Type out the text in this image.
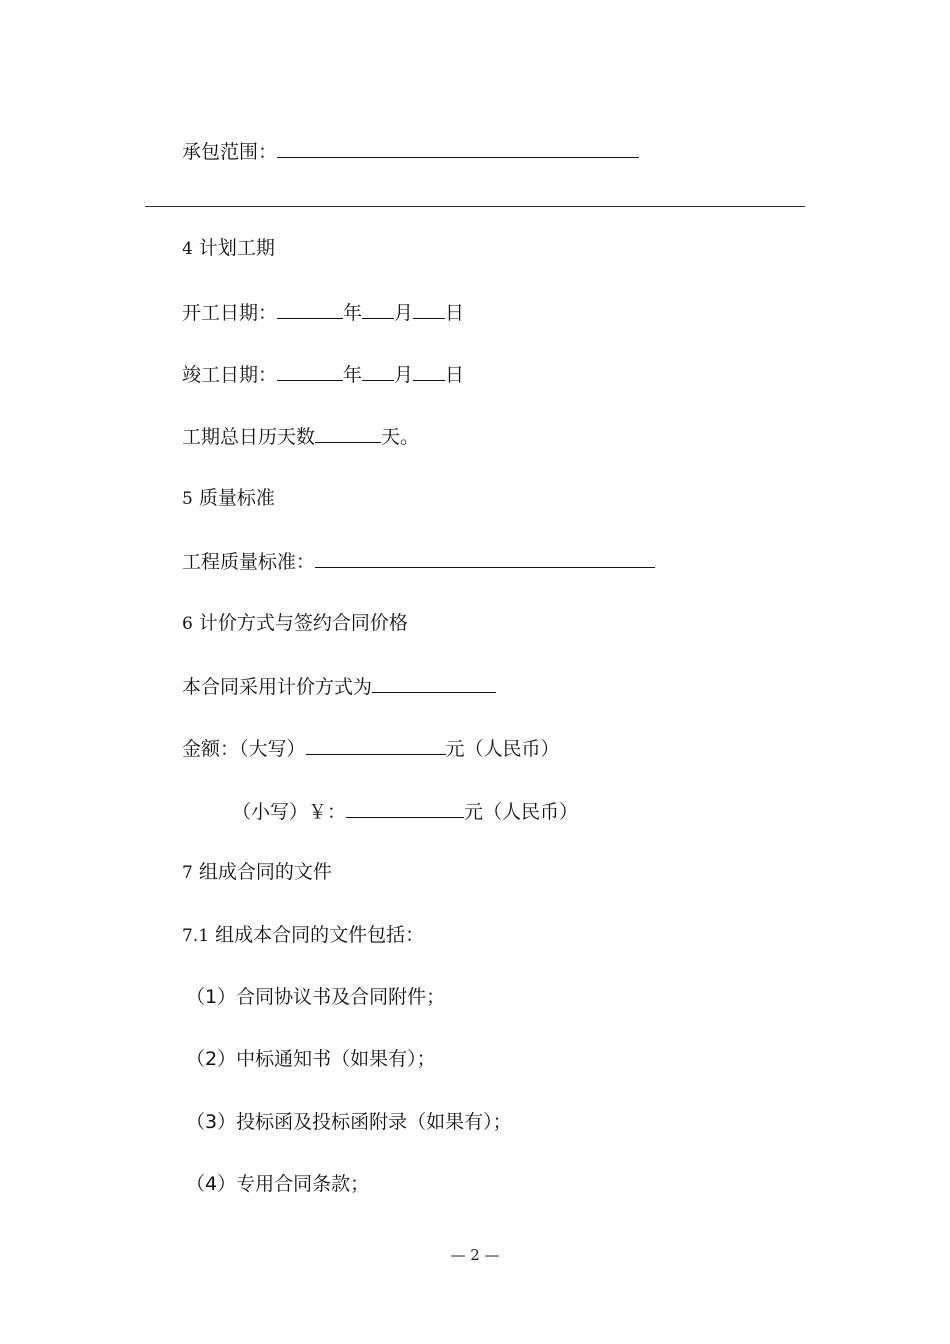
承包范围：
4 计划工期
开工日期：	年 月 日
竣工日期：	年 月 日
工期总日历天数	天。
5 质量标准
工程质量标准：
6 计价方式与签约合同价格
本合同采用计价方式为
金额：（大写）	元（人民币）
（小写）￥：	元（人民币）
7 组成合同的文件
7.1 组成本合同的文件包括：
（1）合同协议书及合同附件；
（2）中标通知书（如果有）；
（3）投标函及投标函附录（如果有）；
（4）专用合同条款；
— 2 —
